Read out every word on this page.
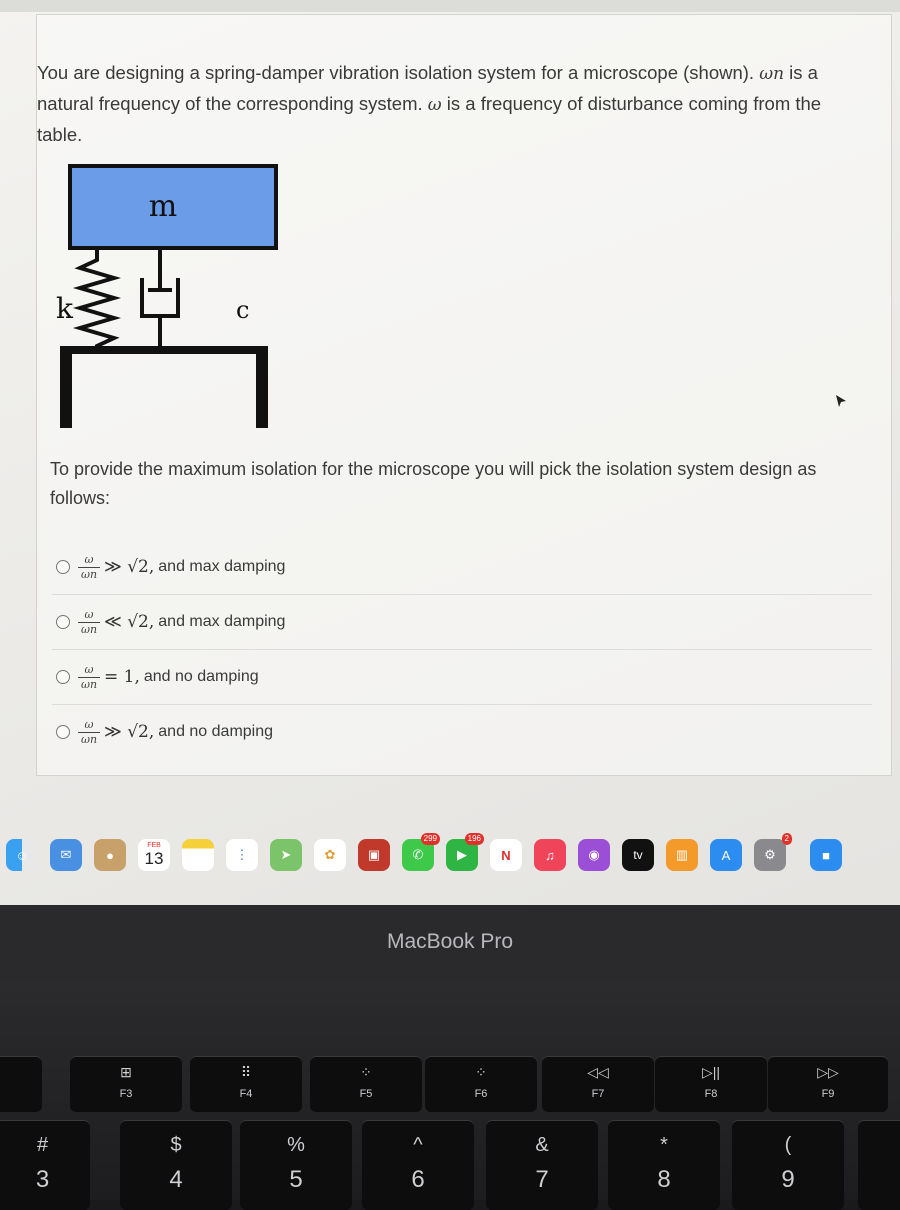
You are designing a spring-damper vibration isolation system for a microscope (shown). ωn is a natural frequency of the corresponding system. ω is a frequency of disturbance coming from the table.
m
k	c
To provide the maximum isolation for the microscope you will pick the isolation system design as follows:
$\frac{\omega}{\omega n}$ ≫ √2, and max damping
$\frac{\omega}{\omega n}$ ≪ √2, and max damping
$\frac{\omega}{\omega n} = 1$, and no damping
$\frac{\omega}{\omega n}$ ≫ √2, and no damping
☺	✉	●
FEB
13	⋮	➤	✿	▣	✆
299
▶
196
N	♫	◉	tv	▥	A	⚙
2
■
MacBook Pro
⊞
F3
⠿
F4
⁘
F5
⁘
F6
◁◁
F7
▷||
F8
▷▷
F9
#
3
$
4
%
5
^
6
&
7
*
8
(
9
